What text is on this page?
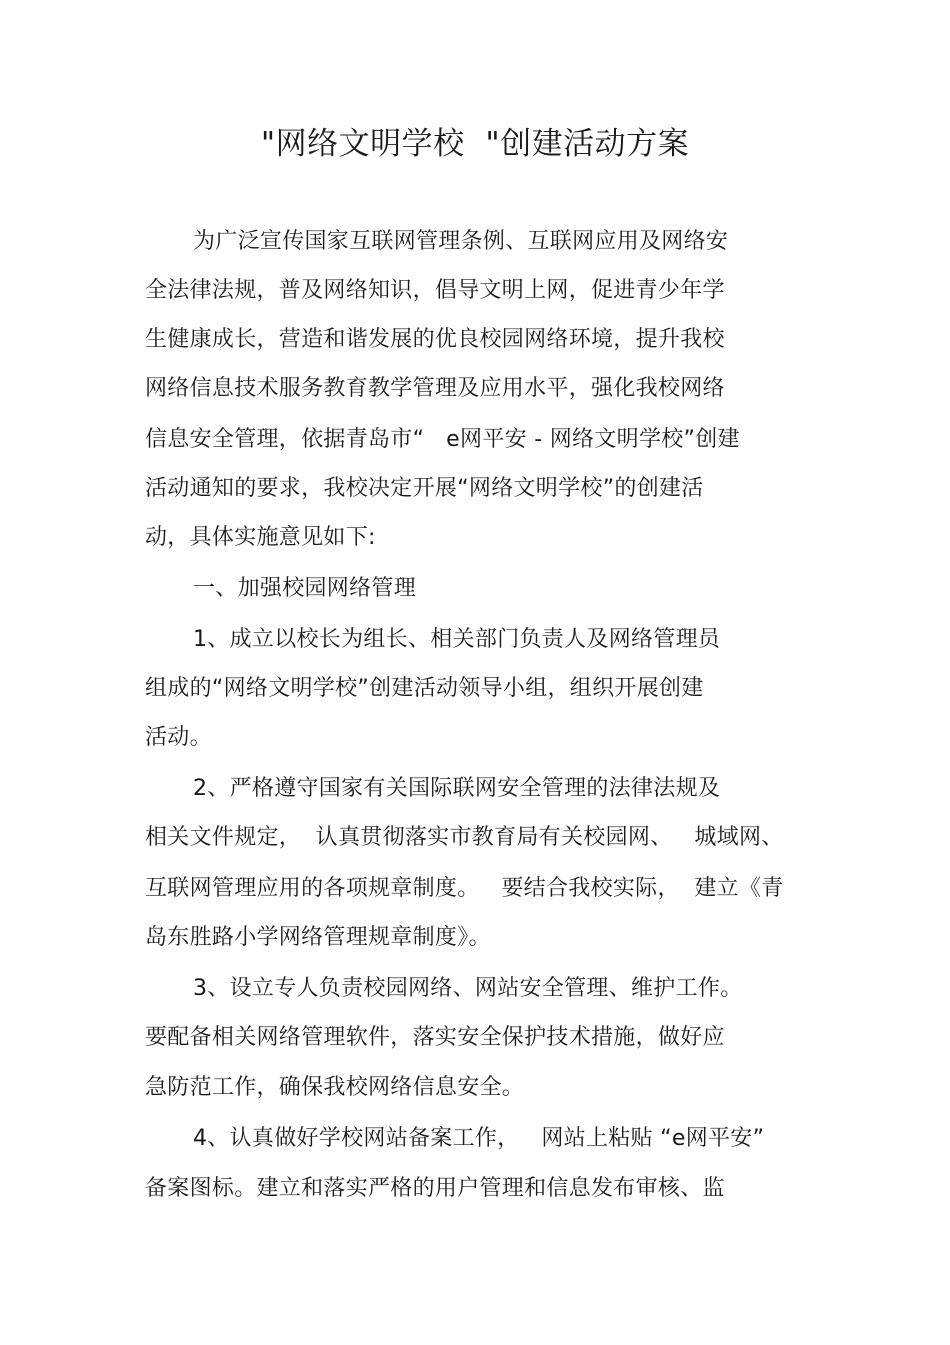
"网络文明学校  "创建活动方案
为广泛宣传国家互联网管理条例、互联网应用及网络安
全法律法规，普及网络知识，倡导文明上网，促进青少年学
生健康成长，营造和谐发展的优良校园网络环境，提升我校
网络信息技术服务教育教学管理及应用水平，强化我校网络
信息安全管理，依据青岛市“   e网平安 - 网络文明学校”创建
活动通知的要求，我校决定开展“网络文明学校”的创建活
动，具体实施意见如下:
一、加强校园网络管理
1、成立以校长为组长、相关部门负责人及网络管理员
组成的“网络文明学校”创建活动领导小组，组织开展创建
活动。
2、严格遵守国家有关国际联网安全管理的法律法规及
相关文件规定，  认真贯彻落实市教育局有关校园网、   城域网、
互联网管理应用的各项规章制度。   要结合我校实际，  建立《青
岛东胜路小学网络管理规章制度》。
3、设立专人负责校园网络、网站安全管理、维护工作。
要配备相关网络管理软件，落实安全保护技术措施，做好应
急防范工作，确保我校网络信息安全。
4、认真做好学校网站备案工作，   网站上粘贴 “e网平安”
备案图标。建立和落实严格的用户管理和信息发布审核、监
